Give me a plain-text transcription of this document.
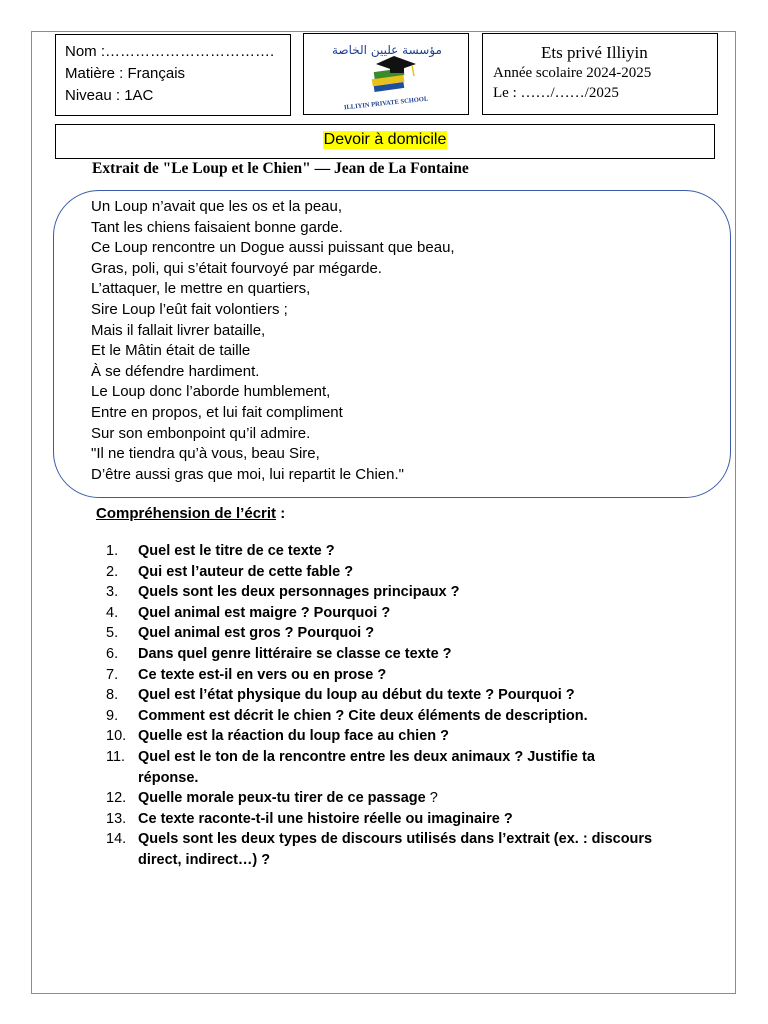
Nom :…………………………….
Matière : Français
Niveau : 1AC
مؤسسة عليين الخاصة
ILLIYIN PRIVATE SCHOOL
Ets privé Illiyin
Année scolaire 2024-2025
Le : ……/……/2025
Devoir à domicile
Extrait de "Le Loup et le Chien" — Jean de La Fontaine
Un Loup n’avait que les os et la peau,
Tant les chiens faisaient bonne garde.
Ce Loup rencontre un Dogue aussi puissant que beau,
Gras, poli, qui s’était fourvoyé par mégarde.
L’attaquer, le mettre en quartiers,
Sire Loup l’eût fait volontiers ;
Mais il fallait livrer bataille,
Et le Mâtin était de taille
À se défendre hardiment.
Le Loup donc l’aborde humblement,
Entre en propos, et lui fait compliment
Sur son embonpoint qu’il admire.
"Il ne tiendra qu’à vous, beau Sire,
D’être aussi gras que moi, lui repartit le Chien."
Compréhension de l’écrit :
1.	Quel est le titre de ce texte ?
2.	Qui est l’auteur de cette fable ?
3.	Quels sont les deux personnages principaux ?
4.	Quel animal est maigre ? Pourquoi ?
5.	Quel animal est gros ? Pourquoi ?
6.	Dans quel genre littéraire se classe ce texte ?
7.	Ce texte est-il en vers ou en prose ?
8.	Quel est l’état physique du loup au début du texte ? Pourquoi ?
9.	Comment est décrit le chien ? Cite deux éléments de description.
10. Quelle est la réaction du loup face au chien ?
11. Quel est le ton de la rencontre entre les deux animaux ? Justifie ta réponse.
12. Quelle morale peux-tu tirer de ce passage ?
13. Ce texte raconte-t-il une histoire réelle ou imaginaire ?
14. Quels sont les deux types de discours utilisés dans l’extrait (ex. : discours direct, indirect…) ?
